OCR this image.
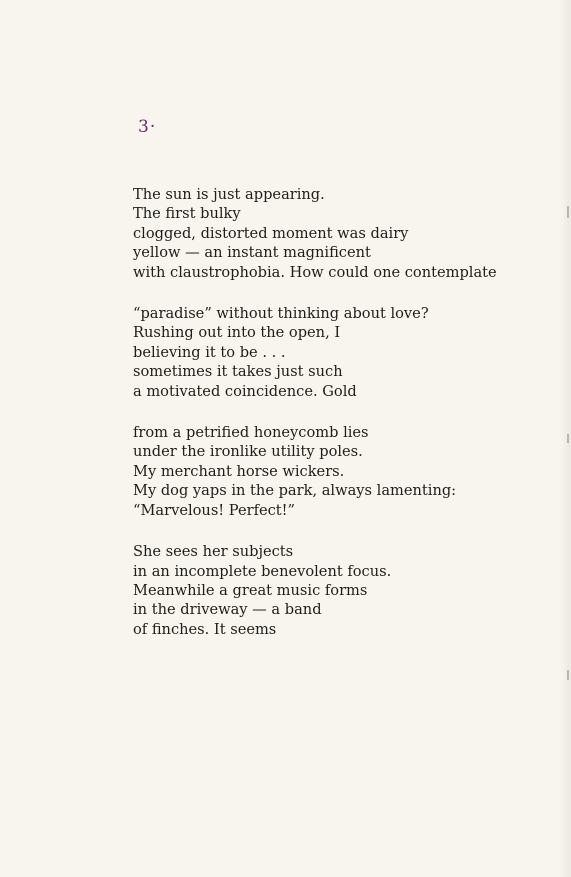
3·
The sun is just appearing.
The first bulky
clogged, distorted moment was dairy
yellow — an instant magnificent
with claustrophobia. How could one contemplate
“paradise” without thinking about love?
Rushing out into the open, I
believing it to be . . .
sometimes it takes just such
a motivated coincidence. Gold
from a petrified honeycomb lies
under the ironlike utility poles.
My merchant horse wickers.
My dog yaps in the park, always lamenting:
“Marvelous! Perfect!”
She sees her subjects
in an incomplete benevolent focus.
Meanwhile a great music forms
in the driveway — a band
of finches. It seems
